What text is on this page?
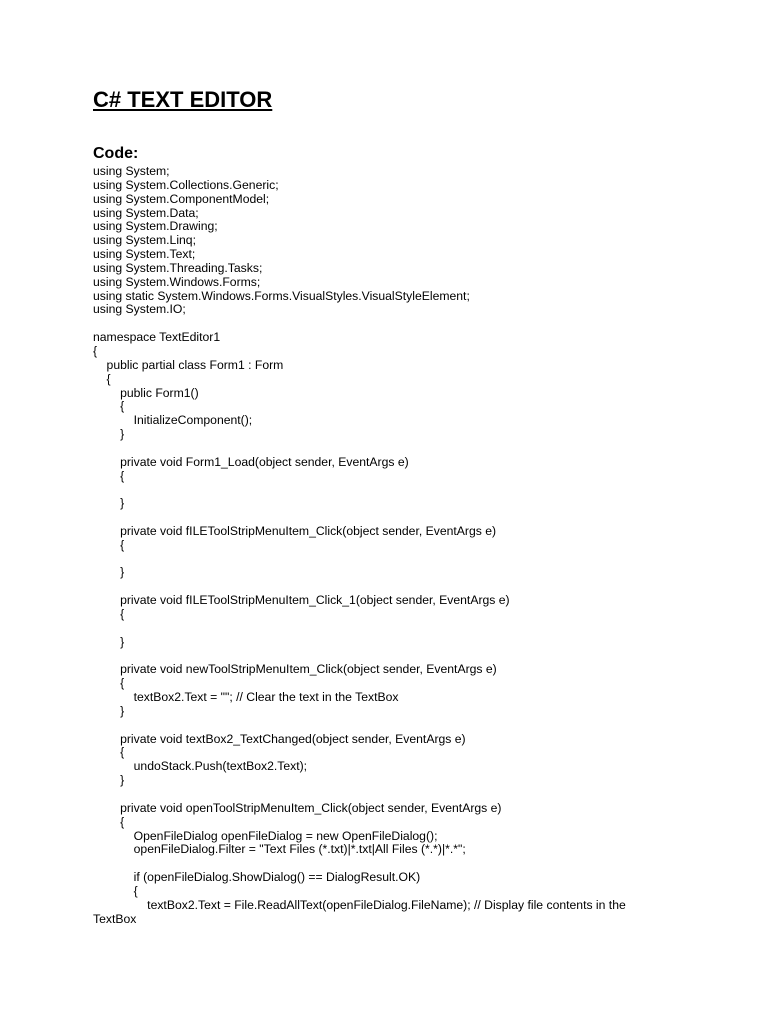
C# TEXT EDITOR
Code:
using System;
using System.Collections.Generic;
using System.ComponentModel;
using System.Data;
using System.Drawing;
using System.Linq;
using System.Text;
using System.Threading.Tasks;
using System.Windows.Forms;
using static System.Windows.Forms.VisualStyles.VisualStyleElement;
using System.IO;
namespace TextEditor1
{
public partial class Form1 : Form
{
public Form1()
{
InitializeComponent();
}
private void Form1_Load(object sender, EventArgs e)
{
}
private void fILEToolStripMenuItem_Click(object sender, EventArgs e)
{
}
private void fILEToolStripMenuItem_Click_1(object sender, EventArgs e)
{
}
private void newToolStripMenuItem_Click(object sender, EventArgs e)
{
textBox2.Text = ""; // Clear the text in the TextBox
}
private void textBox2_TextChanged(object sender, EventArgs e)
{
undoStack.Push(textBox2.Text);
}
private void openToolStripMenuItem_Click(object sender, EventArgs e)
{
OpenFileDialog openFileDialog = new OpenFileDialog();
openFileDialog.Filter = "Text Files (*.txt)|*.txt|All Files (*.*)|*.*";
if (openFileDialog.ShowDialog() == DialogResult.OK)
{
textBox2.Text = File.ReadAllText(openFileDialog.FileName); // Display file contents in the
TextBox
